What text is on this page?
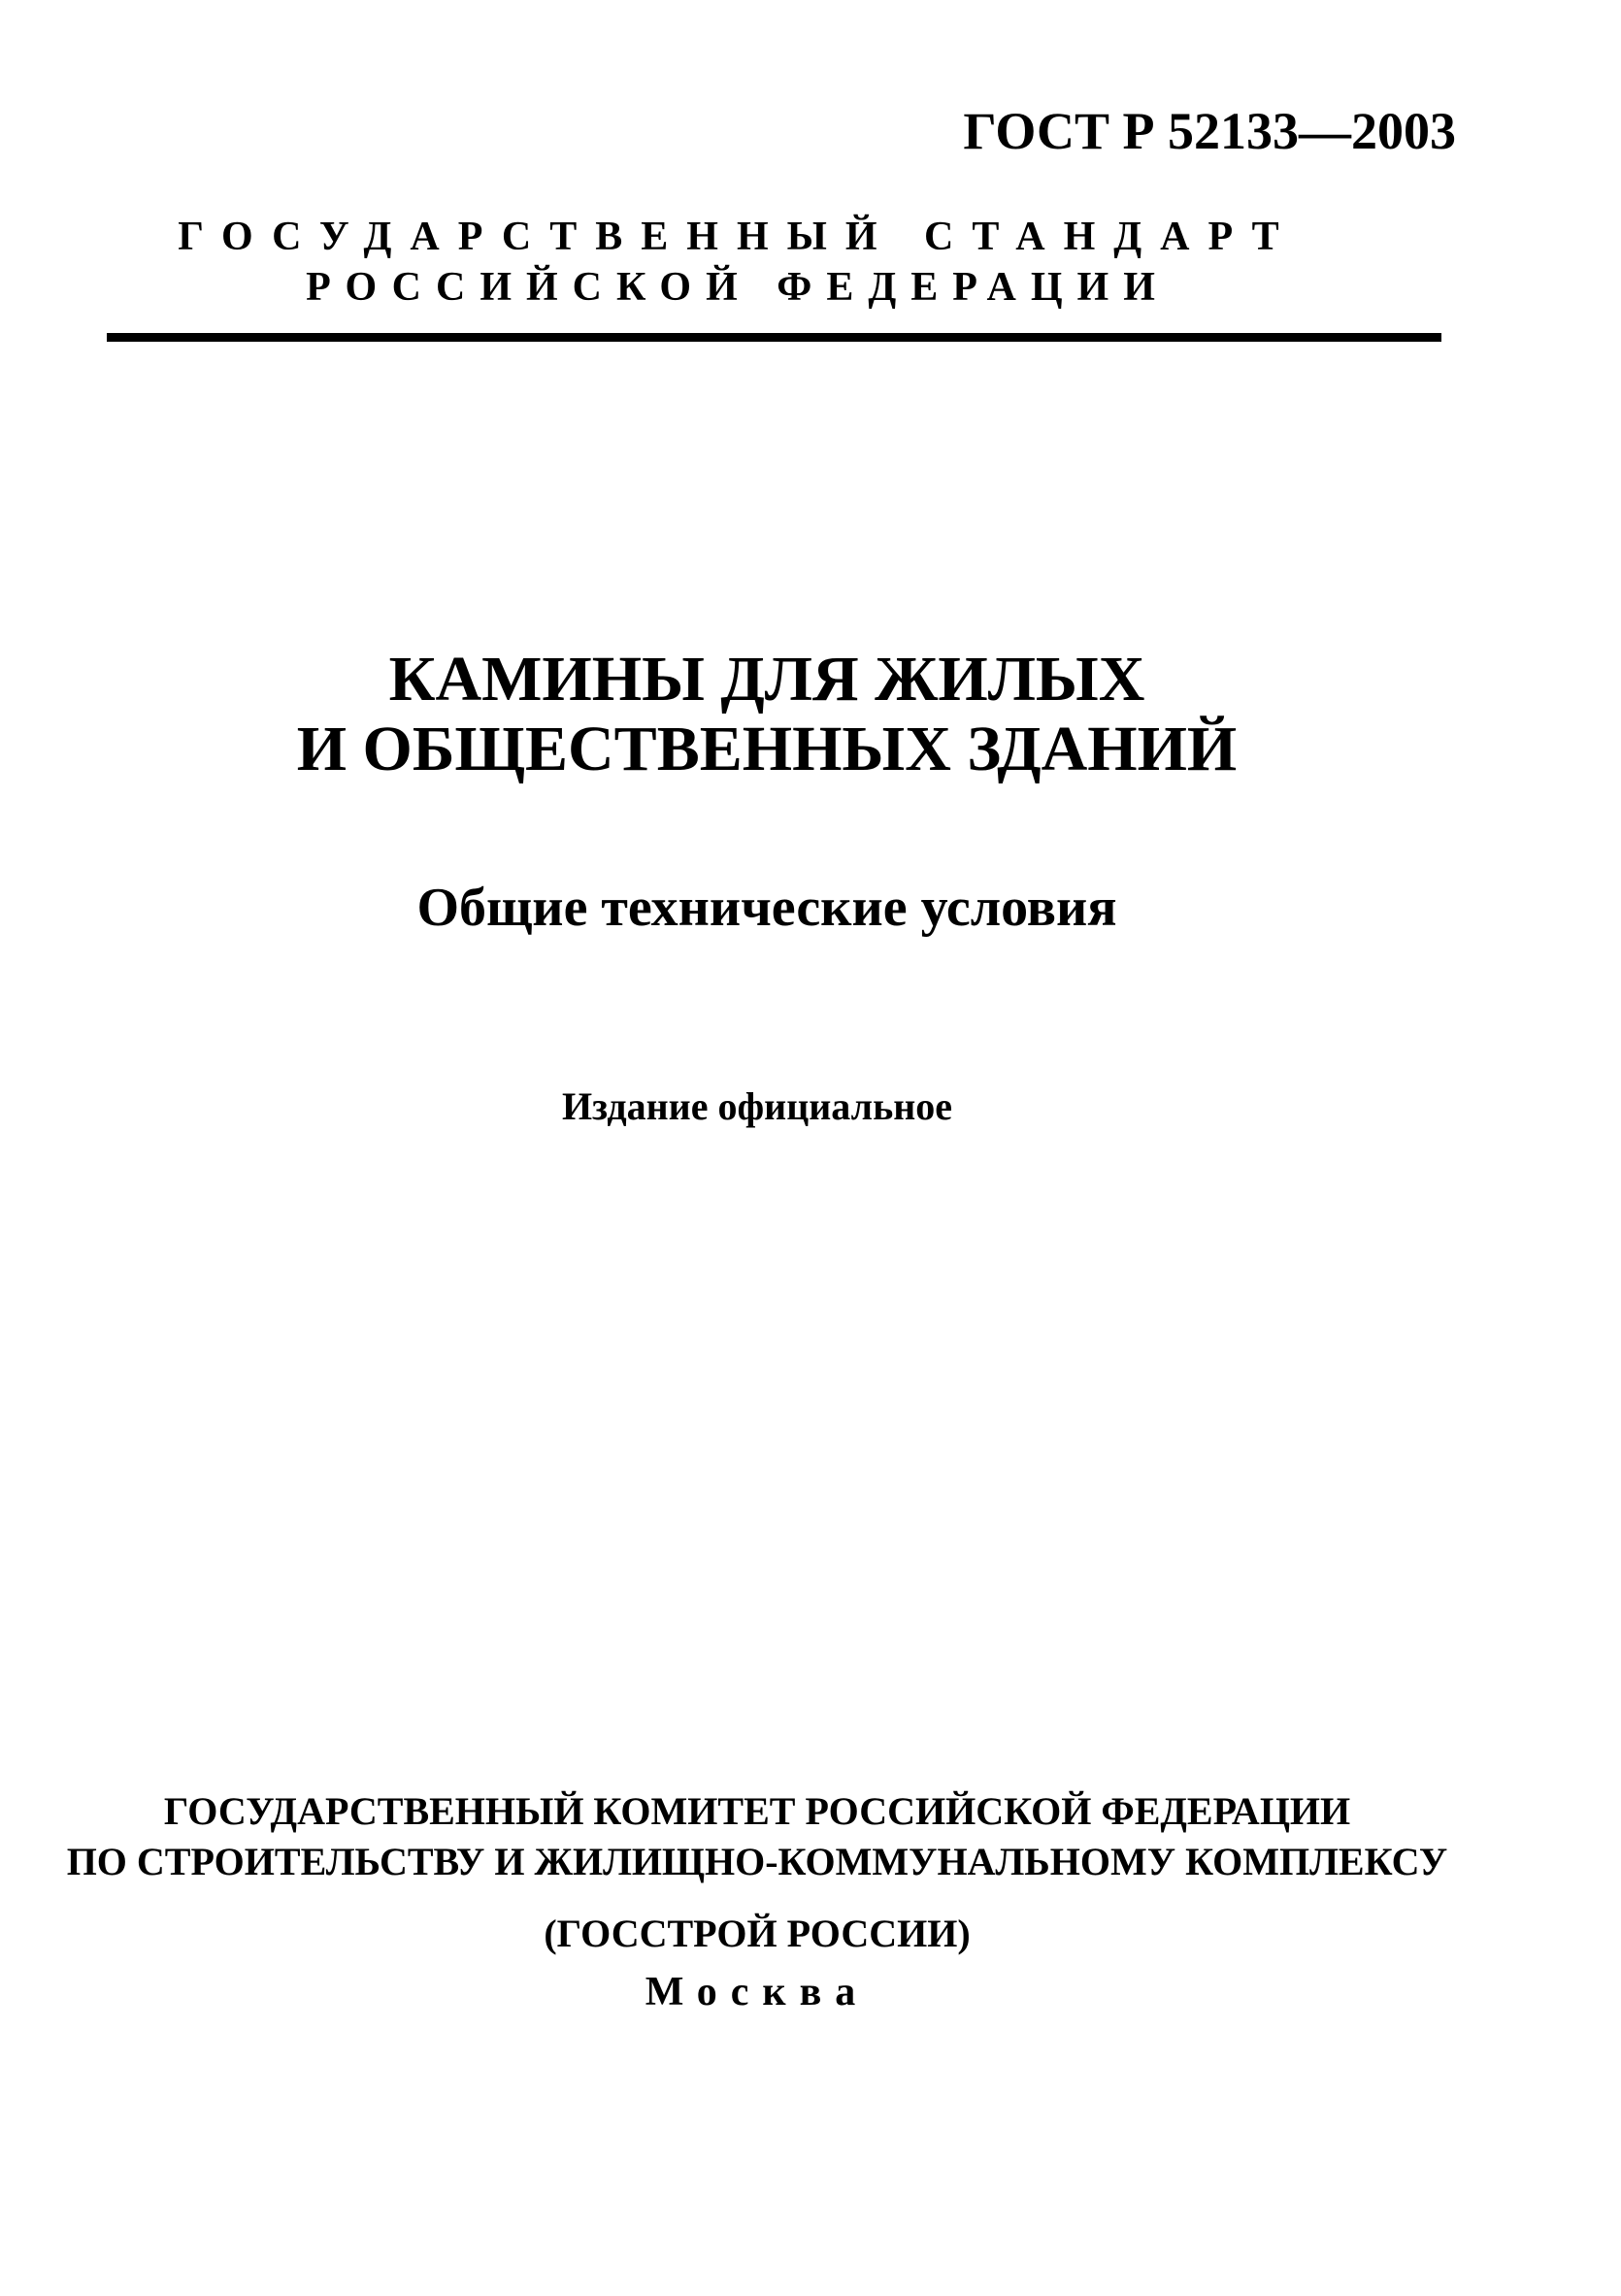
ГОСТ Р 52133—2003
ГОСУДАРСТВЕННЫЙ СТАНДАРТ
РОССИЙСКОЙ ФЕДЕРАЦИИ
КАМИНЫ ДЛЯ ЖИЛЫХ
И ОБЩЕСТВЕННЫХ ЗДАНИЙ
Общие технические условия
Издание официальное
ГОСУДАРСТВЕННЫЙ КОМИТЕТ РОССИЙСКОЙ ФЕДЕРАЦИИ
ПО СТРОИТЕЛЬСТВУ И ЖИЛИЩНО-КОММУНАЛЬНОМУ КОМПЛЕКСУ
(ГОССТРОЙ РОССИИ)
Москва
